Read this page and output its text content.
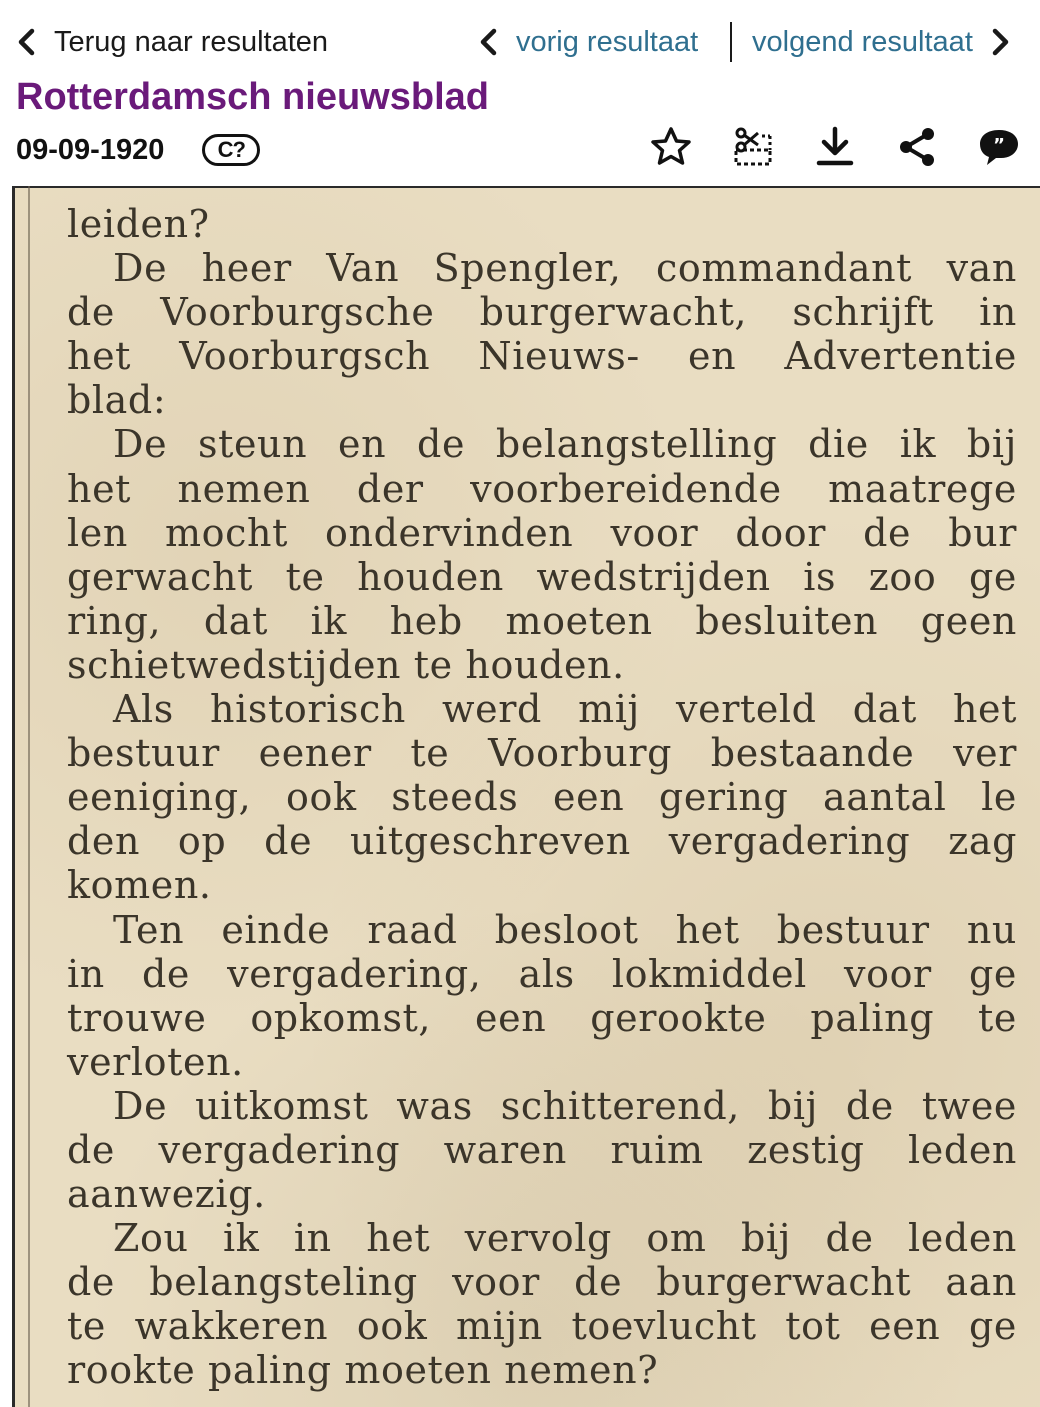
Terug naar resultaten	vorig resultaat volgend resultaat
Rotterdamsch nieuwsblad
09-09-1920	C?	”
leiden?
De heer Van Spengler, commandant van
de Voorburgsche burgerwacht, schrijft in
het Voorburgsch Nieuws- en Advertentie
blad:
De steun en de belangstelling die ik bij
het nemen der voorbereidende maatrege
len mocht ondervinden voor door de bur
gerwacht te houden wedstrijden is zoo ge
ring, dat ik heb moeten besluiten geen
schietwedstijden te houden.
Als historisch werd mij verteld dat het
bestuur eener te Voorburg bestaande ver
eeniging, ook steeds een gering aantal le
den op de uitgeschreven vergadering zag
komen.
Ten einde raad besloot het bestuur nu
in de vergadering, als lokmiddel voor ge
trouwe opkomst, een gerookte paling te
verloten.
De uitkomst was schitterend, bij de twee
de vergadering waren ruim zestig leden
aanwezig.
Zou ik in het vervolg om bij de leden
de belangsteling voor de burgerwacht aan
te wakkeren ook mijn toevlucht tot een ge
rookte paling moeten nemen?
